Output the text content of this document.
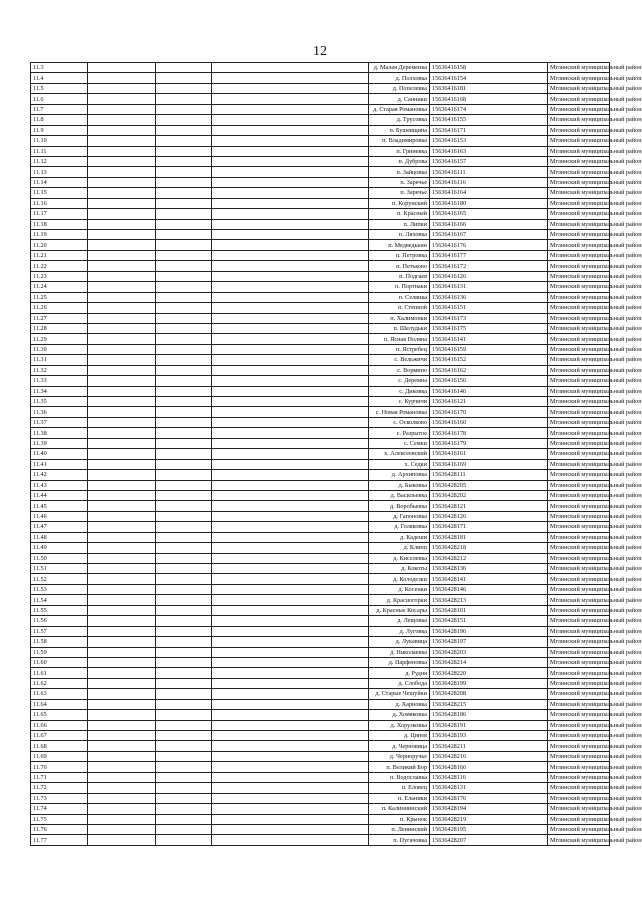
12
11.3				д. Малая Деременка	15636416158	Мглинский муниципальный район
11.4				д. Полховка	15636416154	Мглинский муниципальный район
11.5				д. Попелевка	15636416181	Мглинский муниципальный район
11.6				д. Санники	15636416168	Мглинский муниципальный район
11.7				д. Старая Романовка	15636416174	Мглинский муниципальный район
11.8				д. Трусовка	15636416155	Мглинский муниципальный район
11.9				п. Бушевщина	15636416171	Мглинский муниципальный район
11.10				п. Владимировка	15636416153	Мглинский муниципальный район
11.11				п. Гриневка	15636416163	Мглинский муниципальный район
11.12				п. Дуброва	15636416157	Мглинский муниципальный район
11.13				п. Зайцовка	15636416111	Мглинский муниципальный район
11.14				п. Заречье	15636416116	Мглинский муниципальный район
11.15				п. Заречье	15636416164	Мглинский муниципальный район
11.16				п. Корунский	15636416180	Мглинский муниципальный район
11.17				п. Красный	15636416165	Мглинский муниципальный район
11.18				п. Липки	15636416166	Мглинский муниципальный район
11.19				п. Ляховка	15636416167	Мглинский муниципальный район
11.20				п. Медведькин	15636416176	Мглинский муниципальный район
11.21				п. Петровка	15636416177	Мглинский муниципальный район
11.22				п. Петьково	15636416172	Мглинский муниципальный район
11.23				п. Подгаев	15636416126	Мглинский муниципальный район
11.24				п. Портнаки	15636416131	Мглинский муниципальный район
11.25				п. Селянка	15636416136	Мглинский муниципальный район
11.26				п. Степной	15636416151	Мглинский муниципальный район
11.27				п. Халимонки	15636416173	Мглинский муниципальный район
11.28				п. Шелудьки	15636416175	Мглинский муниципальный район
11.29				п. Ясная Поляна	15636416141	Мглинский муниципальный район
11.30				п. Ястребец	15636416159	Мглинский муниципальный район
11.31				с. Вельжичи	15636416152	Мглинский муниципальный район
11.32				с. Вормино	15636416162	Мглинский муниципальный район
11.33				с. Деремна	15636416156	Мглинский муниципальный район
11.34				с. Диковка	15636416146	Мглинский муниципальный район
11.35				с. Курчичи	15636416121	Мглинский муниципальный район
11.36				с. Новая Романовка	15636416170	Мглинский муниципальный район
11.37				с. Осколково	15636416160	Мглинский муниципальный район
11.38				с. Разрытое	15636416178	Мглинский муниципальный район
11.39				с. Семки	15636416179	Мглинский муниципальный район
11.40				х. Алексеевский	15636416161	Мглинский муниципальный район
11.41				х. Седки	15636416169	Мглинский муниципальный район
11.42				д. Архиповка	15636428111	Мглинский муниципальный район
11.43				д. Быковка	15636428205	Мглинский муниципальный район
11.44				д. Васильевка	15636428202	Мглинский муниципальный район
11.45				д. Воробьевка	15636428121	Мглинский муниципальный район
11.46				д. Гапоновка	15636428126	Мглинский муниципальный район
11.47				д. Голяковка	15636428171	Мглинский муниципальный район
11.48				д. Кадеши	15636428181	Мглинский муниципальный район
11.49				д. Клипп	15636428218	Мглинский муниципальный район
11.50				д. Киселевка	15636428212	Мглинский муниципальный район
11.51				д. Кокоты	15636428136	Мглинский муниципальный район
11.52				д. Колодезки	15636428141	Мглинский муниципальный район
11.53				д. Косенки	15636428146	Мглинский муниципальный район
11.54				д. Красногорки	15636428213	Мглинский муниципальный район
11.55				д. Красные Косары	15636428101	Мглинский муниципальный район
11.56				д. Лещовка	15636428151	Мглинский муниципальный район
11.57				д. Луговка	15636428196	Мглинский муниципальный район
11.58				д. Лукавица	15636428197	Мглинский муниципальный район
11.59				д. Николаевка	15636428203	Мглинский муниципальный район
11.60				д. Парфеновка	15636428214	Мглинский муниципальный район
11.61				д. Рудня	15636428220	Мглинский муниципальный район
11.62				д. Слобода	15636428199	Мглинский муниципальный район
11.63				д. Старые Чешуйки	15636428208	Мглинский муниципальный район
11.64				д. Харновка	15636428215	Мглинский муниципальный район
11.65				д. Хомяковка	15636428186	Мглинский муниципальный район
11.66				д. Хорузковка	15636428191	Мглинский муниципальный район
11.67				д. Цинев	15636428193	Мглинский муниципальный район
11.68				д. Черновица	15636428211	Мглинский муниципальный район
11.69				д. Черноручье	15636428216	Мглинский муниципальный район
11.70				п. Великий Бор	15636428166	Мглинский муниципальный район
11.71				п. Водославка	15636428116	Мглинский муниципальный район
11.72				п. Еловец	15636428131	Мглинский муниципальный район
11.73				п. Ельники	15636428176	Мглинский муниципальный район
11.74				п. Калиннинский	15636428194	Мглинский муниципальный район
11.75				п. Крынок	15636428219	Мглинский муниципальный район
11.76				п. Ленинский	15636428195	Мглинский муниципальный район
11.77				п. Пугачовка	15636428207	Мглинский муниципальный район
